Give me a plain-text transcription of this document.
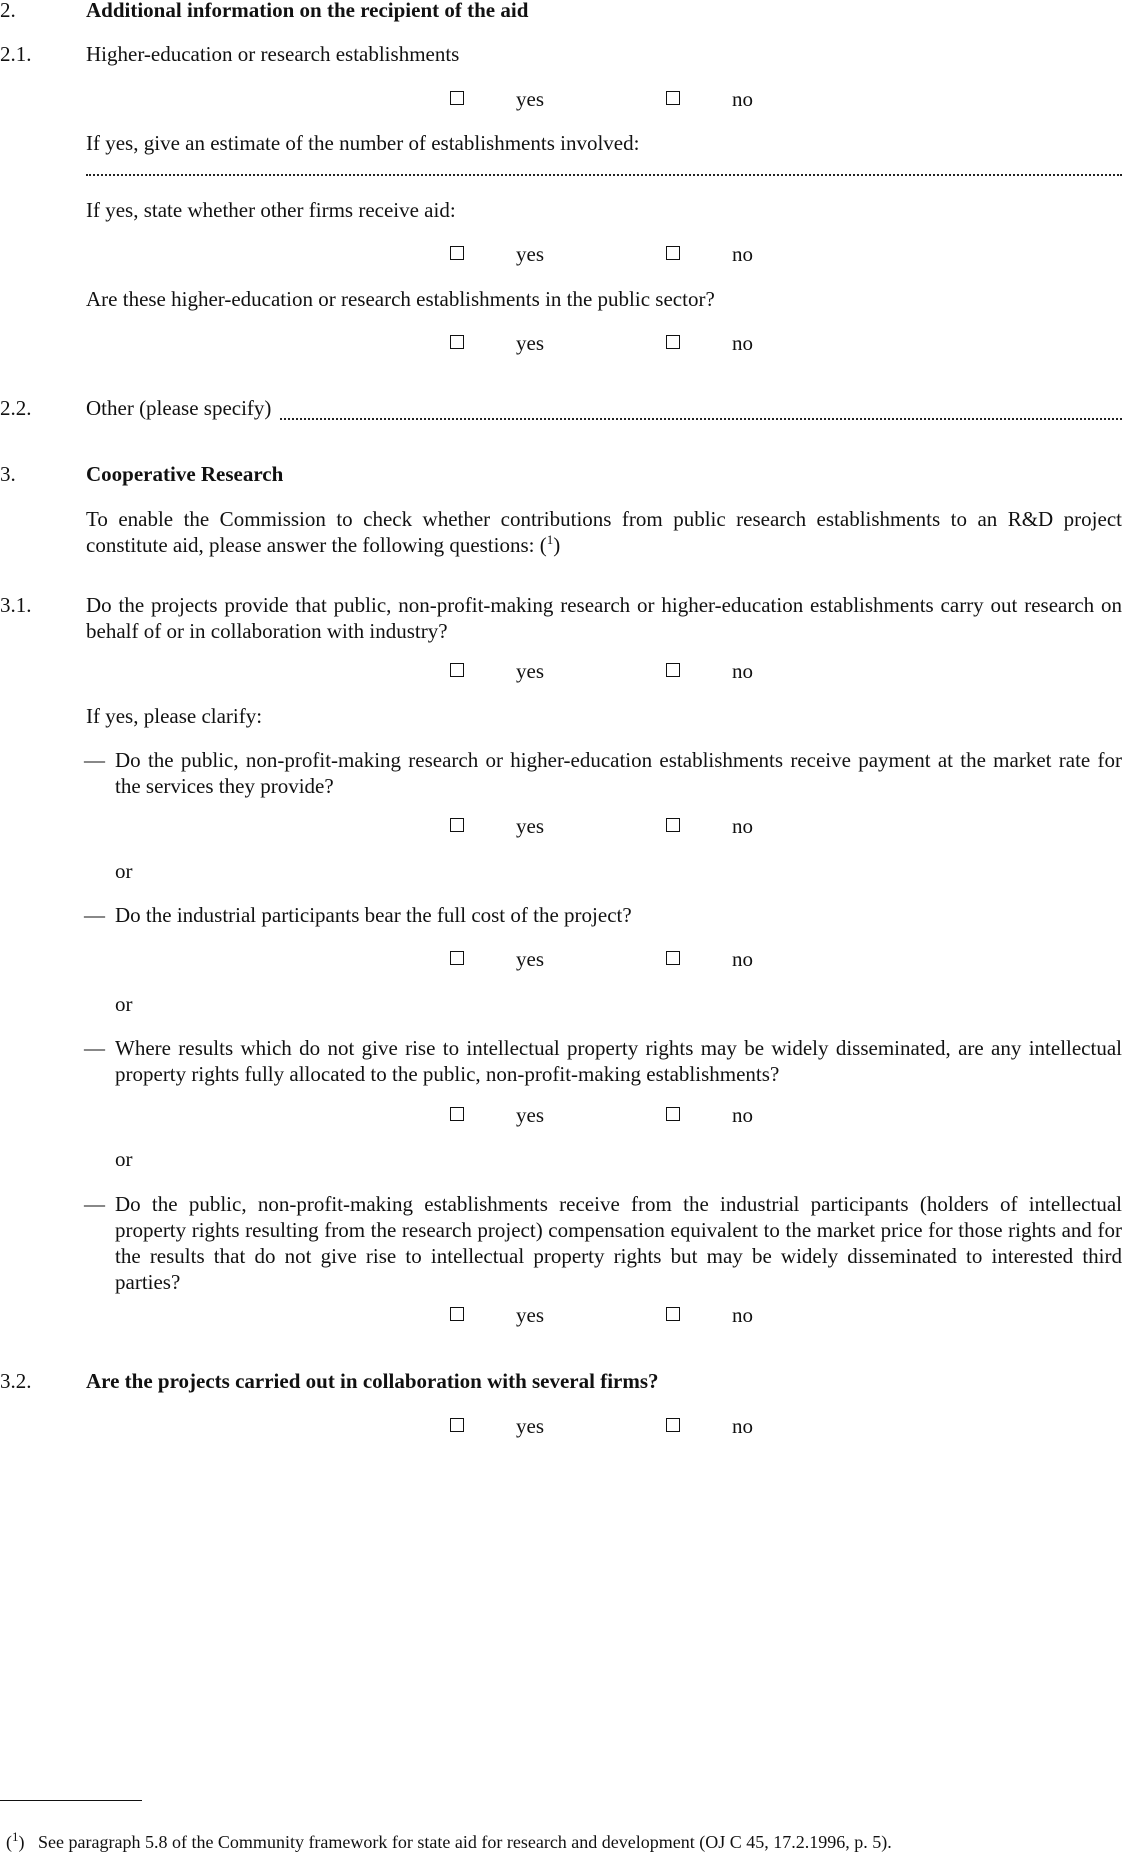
2.	Additional information on the recipient of the aid
2.1.	Higher-education or research establishments
yes	no
If yes, give an estimate of the number of establishments involved:
If yes, state whether other firms receive aid:
yes	no
Are these higher-education or research establishments in the public sector?
yes	no
2.2.	Other (please specify)
3.	Cooperative Research
To enable the Commission to check whether contributions from public research establishments to an R&D project constitute aid, please answer the following questions: ($^1$)
3.1.	Do the projects provide that public, non-profit-making research or higher-education establishments carry out research on behalf of or in collaboration with industry?
yes	no
If yes, please clarify:
— Do the public, non-profit-making research or higher-education establishments receive payment at the market rate for the services they provide?
yes	no
or
— Do the industrial participants bear the full cost of the project?
yes	no
or
— Where results which do not give rise to intellectual property rights may be widely disseminated, are any intellectual property rights fully allocated to the public, non-profit-making establishments?
yes	no
or
— Do the public, non-profit-making establishments receive from the industrial participants (holders of intellectual property rights resulting from the research project) compensation equivalent to the market price for those rights and for the results that do not give rise to intellectual property rights but may be widely disseminated to interested third parties?
yes	no
3.2.	Are the projects carried out in collaboration with several firms?
yes	no
($^1$) See paragraph 5.8 of the Community framework for state aid for research and development (OJ C 45, 17.2.1996, p. 5).
